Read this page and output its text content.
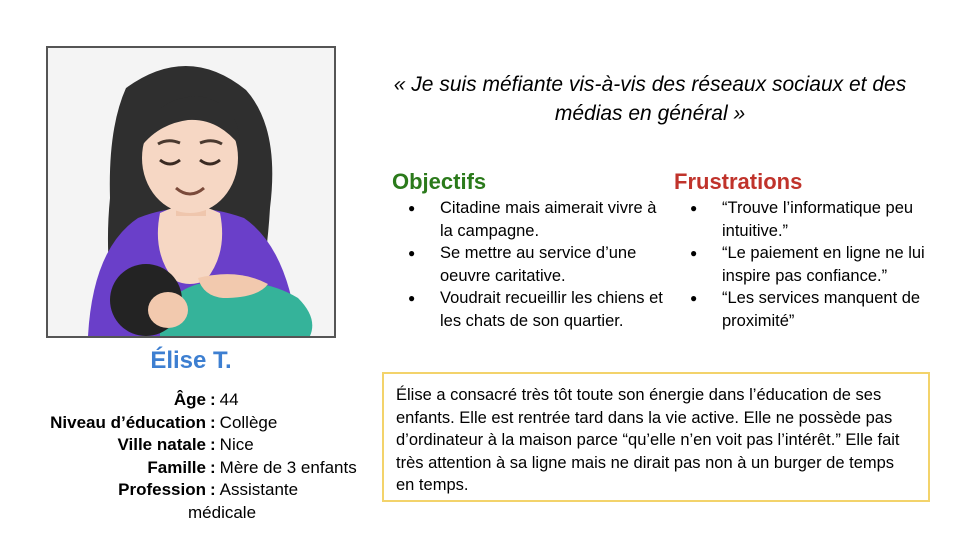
Élise T.
Âge : 44
Niveau d’éducation : Collège
Ville natale : Nice
Famille : Mère de 3 enfants
Profession : Assistante
médicale
« Je suis méfiante vis-à-vis des réseaux sociaux et des médias en général »
Objectifs
● Citadine mais aimerait vivre à la campagne.
● Se mettre au service d’une oeuvre caritative.
● Voudrait recueillir les chiens et les chats de son quartier.
Frustrations
● “Trouve l’informatique peu intuitive.”
● “Le paiement en ligne ne lui inspire pas confiance.”
● “Les services manquent de proximité”
Élise a consacré très tôt toute son énergie dans l’éducation de ses enfants. Elle est rentrée tard dans la vie active. Elle ne possède pas d’ordinateur à la maison parce “qu’elle n’en voit pas l’intérêt.” Elle fait très attention à sa ligne mais ne dirait pas non à un burger de temps en temps.
